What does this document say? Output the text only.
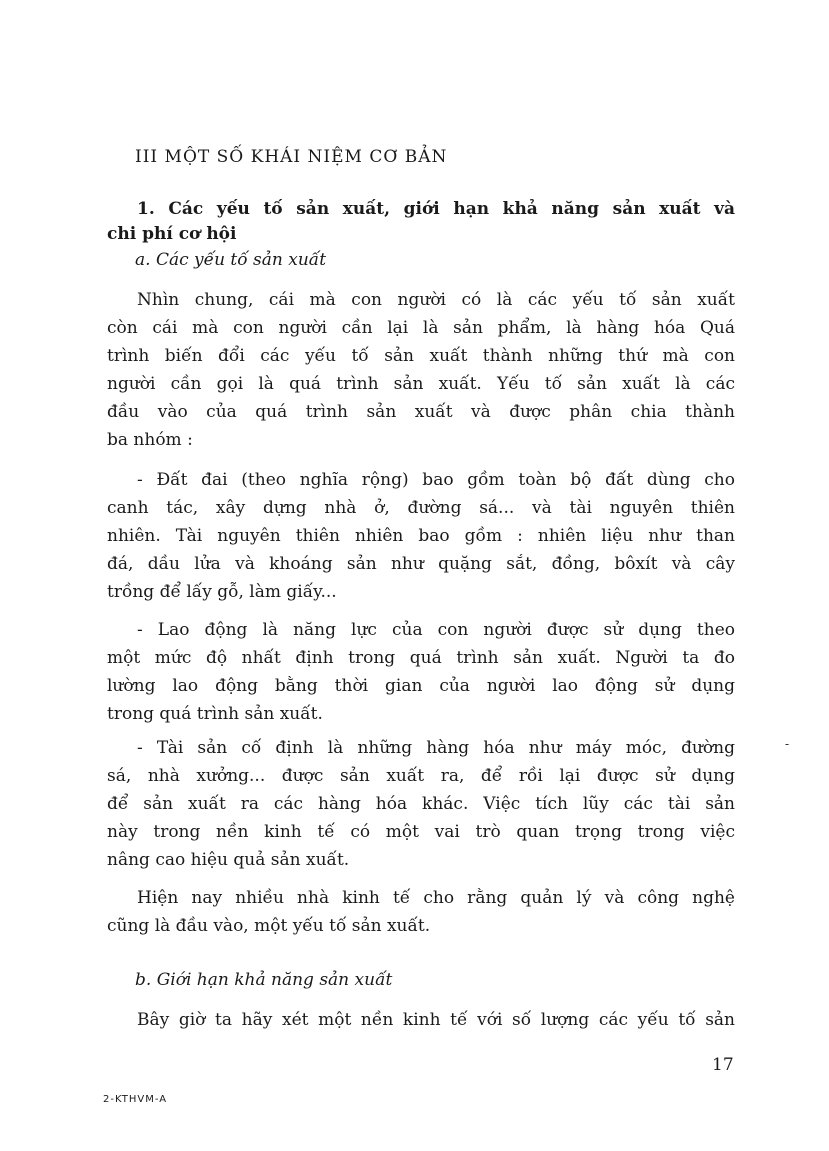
III MỘT SỐ KHÁI NIỆM CƠ BẢN
1. Các yếu tố sản xuất, giới hạn khả năng sản xuất và
chi phí cơ hội
a. Các yếu tố sản xuất
Nhìn chung, cái mà con người có là các yếu tố sản xuất
còn cái mà con người cần lại là sản phẩm, là hàng hóa Quá
trình biến đổi các yếu tố sản xuất thành những thứ mà con
người cần gọi là quá trình sản xuất. Yếu tố sản xuất là các
đầu vào của quá trình sản xuất và được phân chia thành
ba nhóm :
- Đất đai (theo nghĩa rộng) bao gồm toàn bộ đất dùng cho
canh tác, xây dựng nhà ở, đường sá... và tài nguyên thiên
nhiên. Tài nguyên thiên nhiên bao gồm : nhiên liệu như than
đá, dầu lửa và khoáng sản như quặng sắt, đồng, bôxít và cây
trồng để lấy gỗ, làm giấy...
- Lao động là năng lực của con người được sử dụng theo
một mức độ nhất định trong quá trình sản xuất. Người ta đo
lường lao động bằng thời gian của người lao động sử dụng
trong quá trình sản xuất.
- Tài sản cố định là những hàng hóa như máy móc, đường
sá, nhà xưởng... được sản xuất ra, để rồi lại được sử dụng
để sản xuất ra các hàng hóa khác. Việc tích lũy các tài sản
này trong nền kinh tế có một vai trò quan trọng trong việc
nâng cao hiệu quả sản xuất.
Hiện nay nhiều nhà kinh tế cho rằng quản lý và công nghệ
cũng là đầu vào, một yếu tố sản xuất.
b. Giới hạn khả năng sản xuất
Bây giờ ta hãy xét một nền kinh tế với số lượng các yếu tố sản
-
17
2-KTHVM-A
